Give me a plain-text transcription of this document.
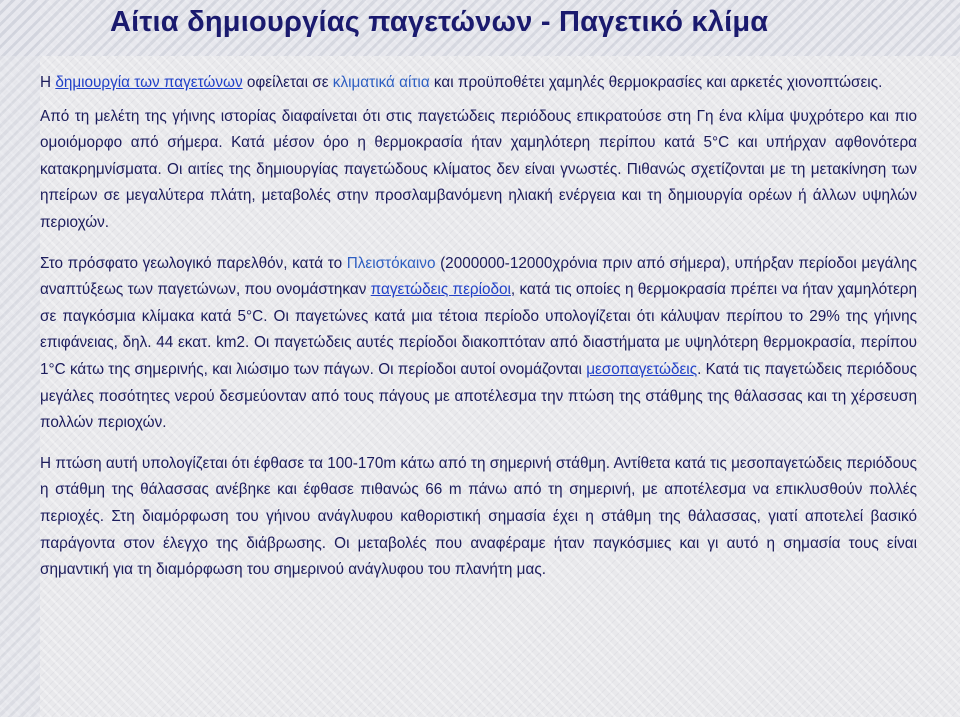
Αίτια δημιουργίας παγετώνων - Παγετικό κλίμα

Η δημιουργία των παγετώνων οφείλεται σε κλιματικά αίτια και προϋποθέτει χαμηλές θερμοκρασίες και αρκετές χιονοπτώσεις.

Από τη μελέτη της γήινης ιστορίας διαφαίνεται ότι στις παγετώδεις περιόδους επικρατούσε στη Γη ένα κλίμα ψυχρότερο και πιο ομοιόμορφο από σήμερα. Κατά μέσον όρο η θερμοκρασία ήταν χαμηλότερη περίπου κατά 5°C και υπήρχαν αφθονότερα κατακρημνίσματα. Οι αιτίες της δημιουργίας παγετώδους κλίματος δεν είναι γνωστές. Πιθανώς σχετίζονται με τη μετακίνηση των ηπείρων σε μεγαλύτερα πλάτη, μεταβολές στην προσλαμβανόμενη ηλιακή ενέργεια και τη δημιουργία ορέων ή άλλων υψηλών περιοχών.

Στο πρόσφατο γεωλογικό παρελθόν, κατά το Πλειστόκαινο (2000000-12000χρόνια πριν από σήμερα), υπήρξαν περίοδοι μεγάλης αναπτύξεως των παγετώνων, που ονομάστηκαν παγετώδεις περίοδοι, κατά τις οποίες η θερμοκρασία πρέπει να ήταν χαμηλότερη σε παγκόσμια κλίμακα κατά 5°C. Οι παγετώνες κατά μια τέτοια περίοδο υπολογίζεται ότι κάλυψαν περίπου το 29% της γήινης επιφάνειας, δηλ. 44 εκατ. km2. Οι παγετώδεις αυτές περίοδοι διακοπτόταν από διαστήματα με υψηλότερη θερμοκρασία, περίπου 1°C κάτω της σημερινής, και λιώσιμο των πάγων. Οι περίοδοι αυτοί ονομάζονται μεσοπαγετώδεις. Κατά τις παγετώδεις περιόδους μεγάλες ποσότητες νερού δεσμεύονταν από τους πάγους με αποτέλεσμα την πτώση της στάθμης της θάλασσας και τη χέρσευση πολλών περιοχών.

Η πτώση αυτή υπολογίζεται ότι έφθασε τα 100-170m κάτω από τη σημερινή στάθμη. Αντίθετα κατά τις μεσοπαγετώδεις περιόδους η στάθμη της θάλασσας ανέβηκε και έφθασε πιθανώς 66 m πάνω από τη σημερινή, με αποτέλεσμα να επικλυσθούν πολλές περιοχές. Στη διαμόρφωση του γήινου ανάγλυφου καθοριστική σημασία έχει η στάθμη της θάλασσας, γιατί αποτελεί βασικό παράγοντα στον έλεγχο της διάβρωσης. Οι μεταβολές που αναφέραμε ήταν παγκόσμιες και γι αυτό η σημασία τους είναι σημαντική για τη διαμόρφωση του σημερινού ανάγλυφου του πλανήτη μας.
